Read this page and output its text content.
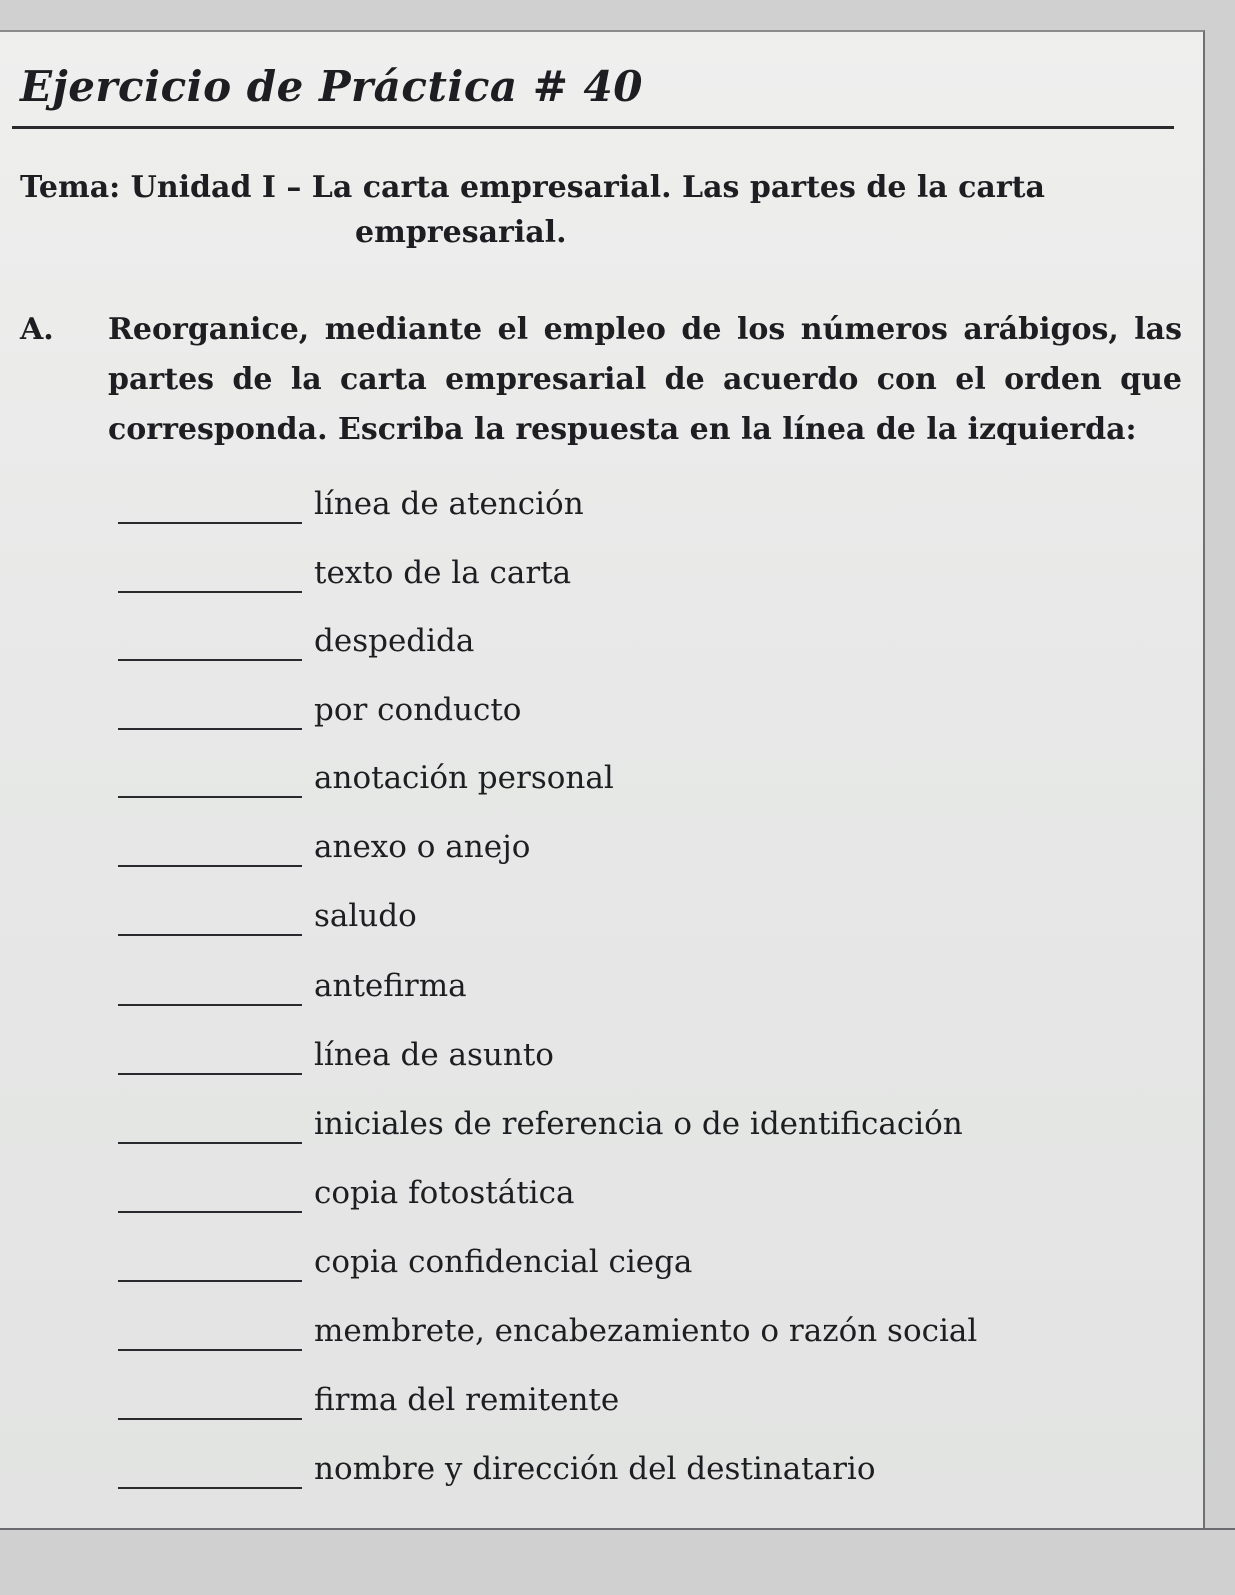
Ejercicio de Práctica # 40

Tema: Unidad I – La carta empresarial. Las partes de la carta
empresarial.

A. Reorganice, mediante el empleo de los números arábigos, las partes de la carta empresarial de acuerdo con el orden que corresponda. Escriba la respuesta en la línea de la izquierda:

línea de atención
texto de la carta
despedida
por conducto
anotación personal
anexo o anejo
saludo
antefirma
línea de asunto
iniciales de referencia o de identificación
copia fotostática
copia confidencial ciega
membrete, encabezamiento o razón social
firma del remitente
nombre y dirección del destinatario
